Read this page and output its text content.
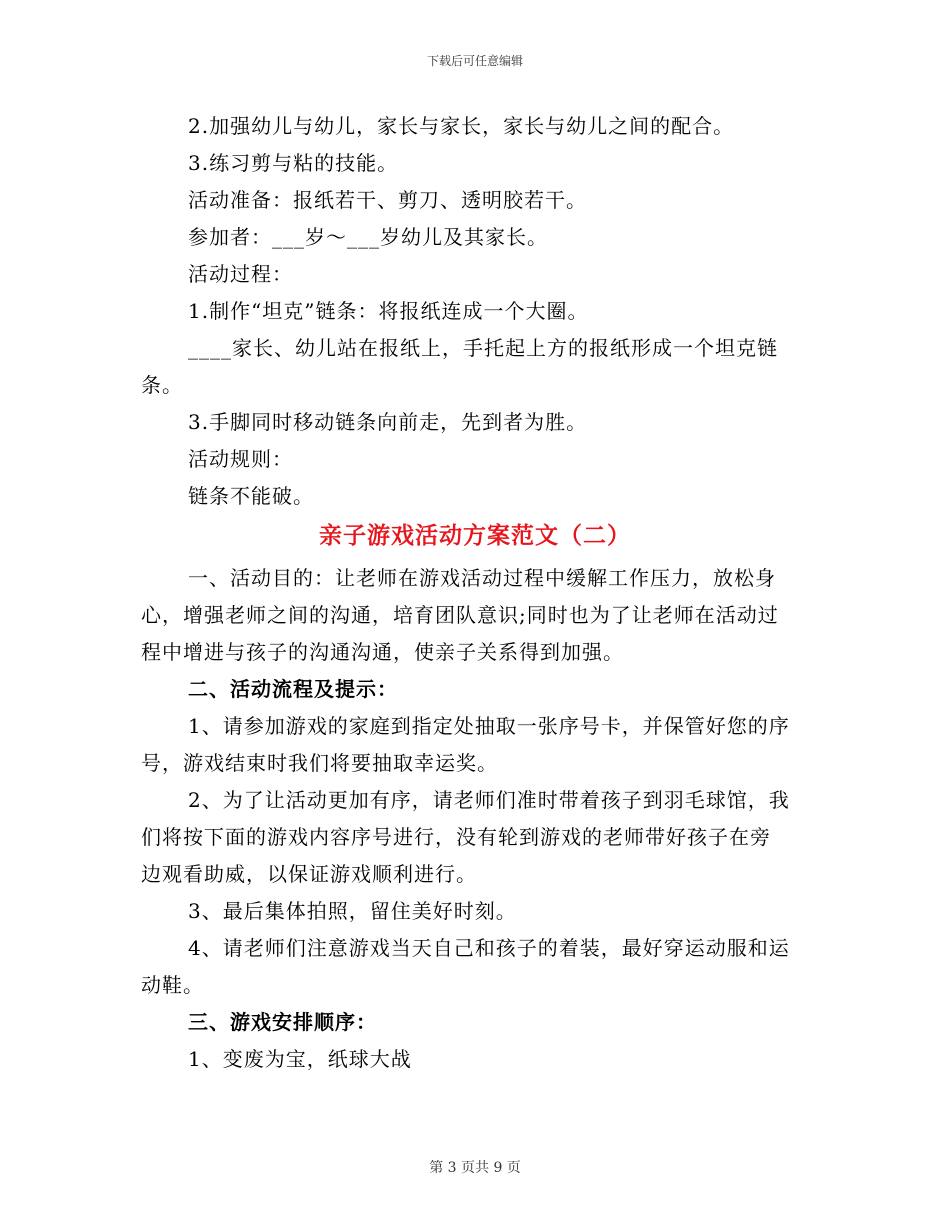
下载后可任意编辑
2.加强幼儿与幼儿，家长与家长，家长与幼儿之间的配合。
3.练习剪与粘的技能。
活动准备：报纸若干、剪刀、透明胶若干。
参加者：___岁～___岁幼儿及其家长。
活动过程：
1.制作“坦克”链条：将报纸连成一个大圈。
____家长、幼儿站在报纸上，手托起上方的报纸形成一个坦克链
条。
3.手脚同时移动链条向前走，先到者为胜。
活动规则：
链条不能破。
亲子游戏活动方案范文（二）
一、活动目的：让老师在游戏活动过程中缓解工作压力，放松身
心，增强老师之间的沟通，培育团队意识;同时也为了让老师在活动过
程中增进与孩子的沟通沟通，使亲子关系得到加强。
二、活动流程及提示：
1、请参加游戏的家庭到指定处抽取一张序号卡，并保管好您的序
号，游戏结束时我们将要抽取幸运奖。
2、为了让活动更加有序，请老师们准时带着孩子到羽毛球馆，我
们将按下面的游戏内容序号进行，没有轮到游戏的老师带好孩子在旁
边观看助威，以保证游戏顺利进行。
3、最后集体拍照，留住美好时刻。
4、请老师们注意游戏当天自己和孩子的着装，最好穿运动服和运
动鞋。
三、游戏安排顺序：
1、变废为宝，纸球大战
第 3 页共 9 页
